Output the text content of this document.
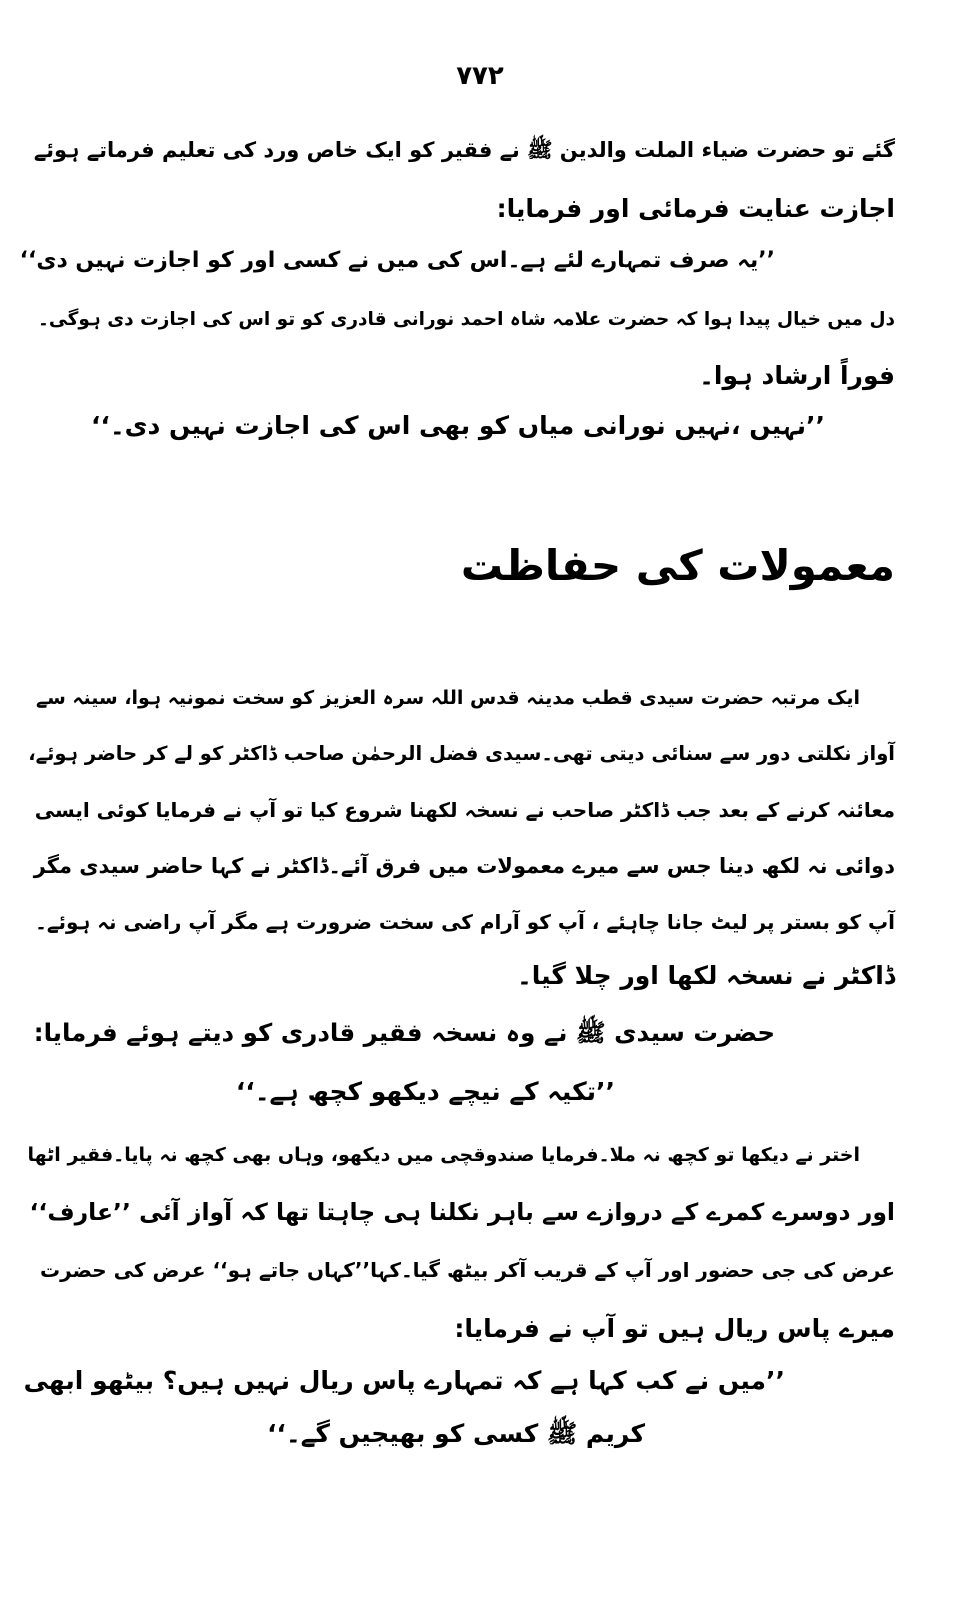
۷۷۲
گئے تو حضرت ضیاء الملت والدین ﷺ نے فقیر کو ایک خاص ورد کی تعلیم فرماتے ہوئے
اجازت عنایت فرمائی اور فرمایا:
’’یہ صرف تمہارے لئے ہے۔اس کی میں نے کسی اور کو اجازت نہیں دی‘‘
دل میں خیال پیدا ہوا کہ حضرت علامہ شاہ احمد نورانی قادری کو تو اس کی اجازت دی ہوگی۔
فوراً ارشاد ہوا۔
’’نہیں ،نہیں نورانی میاں کو بھی اس کی اجازت نہیں دی۔‘‘
معمولات کی حفاظت
ایک مرتبہ حضرت سیدی قطب مدینہ قدس اللہ سرہ العزیز کو سخت نمونیہ ہوا، سینہ سے
آواز نکلتی دور سے سنائی دیتی تھی۔سیدی فضل الرحمٰن صاحب ڈاکٹر کو لے کر حاضر ہوئے،
معائنہ کرنے کے بعد جب ڈاکٹر صاحب نے نسخہ لکھنا شروع کیا تو آپ نے فرمایا کوئی ایسی
دوائی نہ لکھ دینا جس سے میرے معمولات میں فرق آئے۔ڈاکٹر نے کہا حاضر سیدی مگر
آپ کو بستر پر لیٹ جانا چاہئے ، آپ کو آرام کی سخت ضرورت ہے مگر آپ راضی نہ ہوئے۔
ڈاکٹر نے نسخہ لکھا اور چلا گیا۔
حضرت سیدی ﷺ نے وہ نسخہ فقیر قادری کو دیتے ہوئے فرمایا:
’’تکیہ کے نیچے دیکھو کچھ ہے۔‘‘
اختر نے دیکھا تو کچھ نہ ملا۔فرمایا صندوقچی میں دیکھو، وہاں بھی کچھ نہ پایا۔فقیر اٹھا
اور دوسرے کمرے کے دروازے سے باہر نکلنا ہی چاہتا تھا کہ آواز آئی ’’عارف‘‘
عرض کی جی حضور اور آپ کے قریب آکر بیٹھ گیا۔کہا’’کہاں جاتے ہو‘‘ عرض کی حضرت
میرے پاس ریال ہیں تو آپ نے فرمایا:
’’میں نے کب کہا ہے کہ تمہارے پاس ریال نہیں ہیں؟ بیٹھو ابھی
کریم ﷺ کسی کو بھیجیں گے۔‘‘
